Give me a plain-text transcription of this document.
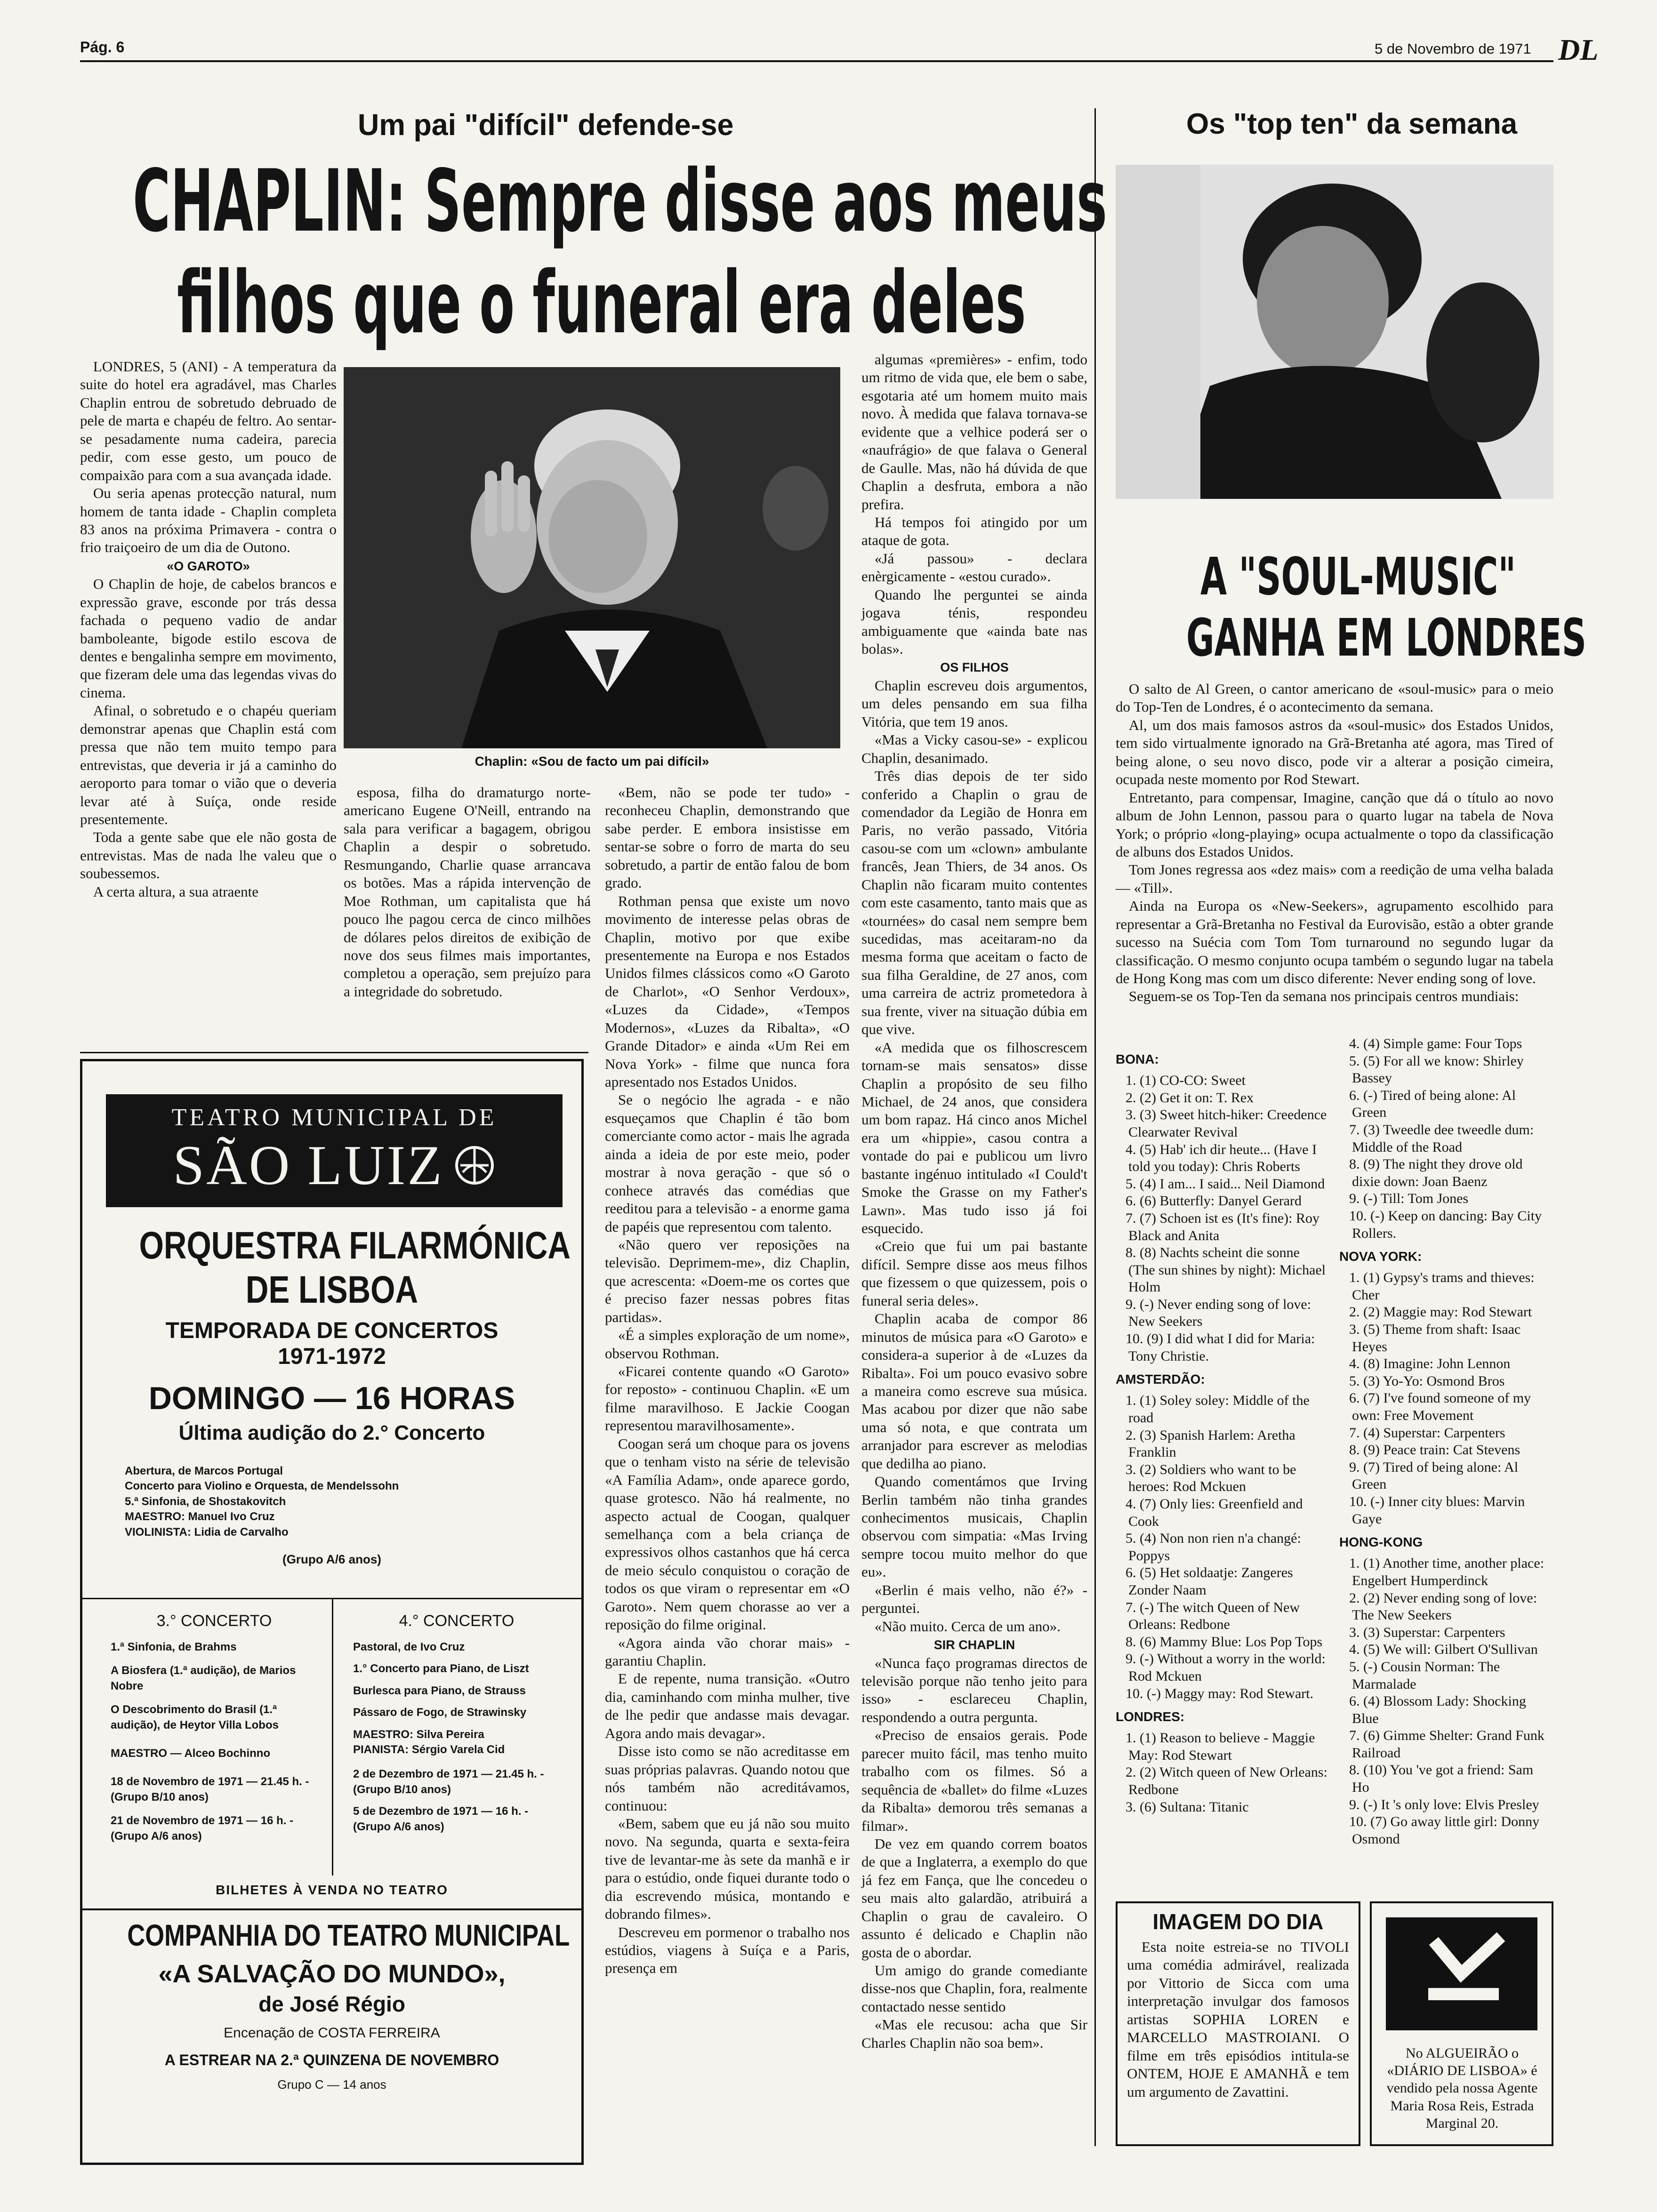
Pág. 6	5 de Novembro de 1971 DL
Um pai "difícil" defende-se
CHAPLIN: Sempre disse aos meus
filhos que o funeral era deles
Chaplin: «Sou de facto um pai difícil»

LONDRES, 5 (ANI) - A temperatura da suite do hotel era agradável, mas Charles Chaplin entrou de sobretudo debruado de pele de marta e chapéu de feltro. Ao sentar-se pesadamente numa cadeira, parecia pedir, com esse gesto, um pouco de compaixão para com a sua avançada idade.

Ou seria apenas protecção natural, num homem de tanta idade - Chaplin completa 83 anos na próxima Primavera - contra o frio traiçoeiro de um dia de Outono.

«O GAROTO»

O Chaplin de hoje, de cabelos brancos e expressão grave, esconde por trás dessa fachada o pequeno vadio de andar bamboleante, bigode estilo escova de dentes e bengalinha sempre em movimento, que fizeram dele uma das legendas vivas do cinema.

Afinal, o sobretudo e o chapéu queriam demonstrar apenas que Chaplin está com pressa que não tem muito tempo para entrevistas, que deveria ir já a caminho do aeroporto para tomar o vião que o deveria levar até à Suíça, onde reside presentemente.

Toda a gente sabe que ele não gosta de entrevistas. Mas de nada lhe valeu que o soubessemos.

A certa altura, a sua atraente

esposa, filha do dramaturgo norte-americano Eugene O'Neill, entrando na sala para verificar a bagagem, obrigou Chaplin a despir o sobretudo. Resmungando, Charlie quase arrancava os botões. Mas a rápida intervenção de Moe Rothman, um capitalista que há pouco lhe pagou cerca de cinco milhões de dólares pelos direitos de exibição de nove dos seus filmes mais importantes, completou a operação, sem prejuízo para a integridade do sobretudo.

«Bem, não se pode ter tudo» - reconheceu Chaplin, demonstrando que sabe perder. E embora insistisse em sentar-se sobre o forro de marta do seu sobretudo, a partir de então falou de bom grado.

Rothman pensa que existe um novo movimento de interesse pelas obras de Chaplin, motivo por que exibe presentemente na Europa e nos Estados Unidos filmes clássicos como «O Garoto de Charlot», «O Senhor Verdoux», «Luzes da Cidade», «Tempos Modernos», «Luzes da Ribalta», «O Grande Ditador» e ainda «Um Rei em Nova York» - filme que nunca fora apresentado nos Estados Unidos.

Se o negócio lhe agrada - e não esqueçamos que Chaplin é tão bom comerciante como actor - mais lhe agrada ainda a ideia de por este meio, poder mostrar à nova geração - que só o conhece através das comédias que reeditou para a televisão - a enorme gama de papéis que representou com talento.

«Não quero ver reposições na televisão. Deprimem-me», diz Chaplin, que acrescenta: «Doem-me os cortes que é preciso fazer nessas pobres fitas partidas».

«É a simples exploração de um nome», observou Rothman.

«Ficarei contente quando «O Garoto» for reposto» - continuou Chaplin. «E um filme maravilhoso. E Jackie Coogan representou maravilhosamente».

Coogan será um choque para os jovens que o tenham visto na série de televisão «A Família Adam», onde aparece gordo, quase grotesco. Não há realmente, no aspecto actual de Coogan, qualquer semelhança com a bela criança de expressivos olhos castanhos que há cerca de meio século conquistou o coração de todos os que viram o representar em «O Garoto». Nem quem chorasse ao ver a reposição do filme original.

«Agora ainda vão chorar mais» - garantiu Chaplin.

E de repente, numa transição. «Outro dia, caminhando com minha mulher, tive de lhe pedir que andasse mais devagar. Agora ando mais devagar».

Disse isto como se não acreditasse em suas próprias palavras. Quando notou que nós também não acreditávamos, continuou:

«Bem, sabem que eu já não sou muito novo. Na segunda, quarta e sexta-feira tive de levantar-me às sete da manhã e ir para o estúdio, onde fiquei durante todo o dia escrevendo música, montando e dobrando filmes».

Descreveu em pormenor o trabalho nos estúdios, viagens à Suíça e a Paris, presença em

algumas «premières» - enfim, todo um ritmo de vida que, ele bem o sabe, esgotaria até um homem muito mais novo. À medida que falava tornava-se evidente que a velhice poderá ser o «naufrágio» de que falava o General de Gaulle. Mas, não há dúvida de que Chaplin a desfruta, embora a não prefira.

Há tempos foi atingido por um ataque de gota.

«Já passou» - declara enèrgicamente - «estou curado».

Quando lhe perguntei se ainda jogava ténis, respondeu ambiguamente que «ainda bate nas bolas».

OS FILHOS

Chaplin escreveu dois argumentos, um deles pensando em sua filha Vitória, que tem 19 anos.

«Mas a Vicky casou-se» - explicou Chaplin, desanimado.

Três dias depois de ter sido conferido a Chaplin o grau de comendador da Legião de Honra em Paris, no verão passado, Vitória casou-se com um «clown» ambulante francês, Jean Thiers, de 34 anos. Os Chaplin não ficaram muito contentes com este casamento, tanto mais que as «tournées» do casal nem sempre bem sucedidas, mas aceitaram-no da mesma forma que aceitam o facto de sua filha Geraldine, de 27 anos, com uma carreira de actriz prometedora à sua frente, viver na situação dúbia em que vive.

«A medida que os filhoscrescem tornam-se mais sensatos» disse Chaplin a propósito de seu filho Michael, de 24 anos, que considera um bom rapaz. Há cinco anos Michel era um «hippie», casou contra a vontade do pai e publicou um livro bastante ingénuo intitulado «I Could't Smoke the Grasse on my Father's Lawn». Mas tudo isso já foi esquecido.

«Creio que fui um pai bastante difícil. Sempre disse aos meus filhos que fizessem o que quizessem, pois o funeral seria deles».

Chaplin acaba de compor 86 minutos de música para «O Garoto» e considera-a superior à de «Luzes da Ribalta». Foi um pouco evasivo sobre a maneira como escreve sua música. Mas acabou por dizer que não sabe uma só nota, e que contrata um arranjador para escrever as melodias que dedilha ao piano.

Quando comentámos que Irving Berlin também não tinha grandes conhecimentos musicais, Chaplin observou com simpatia: «Mas Irving sempre tocou muito melhor do que eu».

«Berlin é mais velho, não é?» - perguntei.

«Não muito. Cerca de um ano».

SIR CHAPLIN

«Nunca faço programas directos de televisão porque não tenho jeito para isso» - esclareceu Chaplin, respondendo a outra pergunta.

«Preciso de ensaios gerais. Pode parecer muito fácil, mas tenho muito trabalho com os filmes. Só a sequência de «ballet» do filme «Luzes da Ribalta» demorou três semanas a filmar».

De vez em quando correm boatos de que a Inglaterra, a exemplo do que já fez em Fança, que lhe concedeu o seu mais alto galardão, atribuirá a Chaplin o grau de cavaleiro. O assunto é delicado e Chaplin não gosta de o abordar.

Um amigo do grande comediante disse-nos que Chaplin, fora, realmente contactado nesse sentido

«Mas ele recusou: acha que Sir Charles Chaplin não soa bem».

TEATRO MUNICIPAL DE
SÃO LUIZ
ORQUESTRA FILARMÓNICA
DE LISBOA
TEMPORADA DE CONCERTOS
1971-1972
DOMINGO — 16 HORAS
Última audição do 2.° Concerto
Abertura, de Marcos Portugal
Concerto para Violino e Orquesta, de Mendelssohn
5.ª Sinfonia, de Shostakovitch
MAESTRO: Manuel Ivo Cruz
VIOLINISTA: Lidia de Carvalho
(Grupo A/6 anos)
3.° CONCERTO
1.ª Sinfonia, de Brahms
A Biosfera (1.ª audição), de Marios Nobre
O Descobrimento do Brasil (1.ª audição), de Heytor Villa Lobos
MAESTRO — Alceo Bochinno
18 de Novembro de 1971 — 21.45 h. - (Grupo B/10 anos)
21 de Novembro de 1971 — 16 h. - (Grupo A/6 anos)
4.° CONCERTO
Pastoral, de Ivo Cruz
1.° Concerto para Piano, de Liszt
Burlesca para Piano, de Strauss
Pássaro de Fogo, de Strawinsky
MAESTRO: Silva Pereira
PIANISTA: Sérgio Varela Cid
2 de Dezembro de 1971 — 21.45 h. - (Grupo B/10 anos)
5 de Dezembro de 1971 — 16 h. - (Grupo A/6 anos)
BILHETES À VENDA NO TEATRO
COMPANHIA DO TEATRO MUNICIPAL
«A SALVAÇÃO DO MUNDO»,
de José Régio
Encenação de COSTA FERREIRA
A ESTREAR NA 2.ª QUINZENA DE NOVEMBRO
Grupo C — 14 anos
Os "top ten" da semana
A "SOUL-MUSIC"
GANHA EM LONDRES

O salto de Al Green, o cantor americano de «soul-music» para o meio do Top-Ten de Londres, é o acontecimento da semana.

Al, um dos mais famosos astros da «soul-music» dos Estados Unidos, tem sido virtualmente ignorado na Grã-Bretanha até agora, mas Tired of being alone, o seu novo disco, pode vir a alterar a posição cimeira, ocupada neste momento por Rod Stewart.

Entretanto, para compensar, Imagine, canção que dá o título ao novo album de John Lennon, passou para o quarto lugar na tabela de Nova York; o próprio «long-playing» ocupa actualmente o topo da classificação de albuns dos Estados Unidos.

Tom Jones regressa aos «dez mais» com a reedição de uma velha balada — «Till».

Ainda na Europa os «New-Seekers», agrupamento escolhido para representar a Grã-Bretanha no Festival da Eurovisão, estão a obter grande sucesso na Suécia com Tom Tom turnaround no segundo lugar da classificação. O mesmo conjunto ocupa também o segundo lugar na tabela de Hong Kong mas com um disco diferente: Never ending song of love.

Seguem-se os Top-Ten da semana nos principais centros mundiais:

BONA:
1. (1) CO-CO: Sweet
2. (2) Get it on: T. Rex
3. (3) Sweet hitch-hiker: Creedence Clearwater Revival
4. (5) Hab' ich dir heute... (Have I told you today): Chris Roberts
5. (4) I am... I said... Neil Diamond
6. (6) Butterfly: Danyel Gerard
7. (7) Schoen ist es (It's fine): Roy Black and Anita
8. (8) Nachts scheint die sonne (The sun shines by night): Michael Holm
9. (-) Never ending song of love: New Seekers
10. (9) I did what I did for Maria: Tony Christie.
AMSTERDÃO:
1. (1) Soley soley: Middle of the road
2. (3) Spanish Harlem: Aretha Franklin
3. (2) Soldiers who want to be heroes: Rod Mckuen
4. (7) Only lies: Greenfield and Cook
5. (4) Non non rien n'a changé: Poppys
6. (5) Het soldaatje: Zangeres Zonder Naam
7. (-) The witch Queen of New Orleans: Redbone
8. (6) Mammy Blue: Los Pop Tops
9. (-) Without a worry in the world: Rod Mckuen
10. (-) Maggy may: Rod Stewart.
LONDRES:
1. (1) Reason to believe - Maggie May: Rod Stewart
2. (2) Witch queen of New Orleans: Redbone
3. (6) Sultana: Titanic
4. (4) Simple game: Four Tops
5. (5) For all we know: Shirley Bassey
6. (-) Tired of being alone: Al Green
7. (3) Tweedle dee tweedle dum: Middle of the Road
8. (9) The night they drove old dixie down: Joan Baenz
9. (-) Till: Tom Jones
10. (-) Keep on dancing: Bay City Rollers.
NOVA YORK:
1. (1) Gypsy's trams and thieves: Cher
2. (2) Maggie may: Rod Stewart
3. (5) Theme from shaft: Isaac Heyes
4. (8) Imagine: John Lennon
5. (3) Yo-Yo: Osmond Bros
6. (7) I've found someone of my own: Free Movement
7. (4) Superstar: Carpenters
8. (9) Peace train: Cat Stevens
9. (7) Tired of being alone: Al Green
10. (-) Inner city blues: Marvin Gaye
HONG-KONG
1. (1) Another time, another place: Engelbert Humperdinck
2. (2) Never ending song of love: The New Seekers
3. (3) Superstar: Carpenters
4. (5) We will: Gilbert O'Sullivan
5. (-) Cousin Norman: The Marmalade
6. (4) Blossom Lady: Shocking Blue
7. (6) Gimme Shelter: Grand Funk Railroad
8. (10) You 've got a friend: Sam Ho
9. (-) It 's only love: Elvis Presley
10. (7) Go away little girl: Donny Osmond
IMAGEM DO DIA
Esta noite estreia-se no TIVOLI uma comédia admirável, realizada por Vittorio de Sicca com uma interpretação invulgar dos famosos artistas SOPHIA LOREN e MARCELLO MASTROIANI. O filme em três episódios intitula-se ONTEM, HOJE E AMANHÃ e tem um argumento de Zavattini.
No ALGUEIRÃO o «DIÁRIO DE LISBOA» é vendido pela nossa Agente Maria Rosa Reis, Estrada Marginal 20.
